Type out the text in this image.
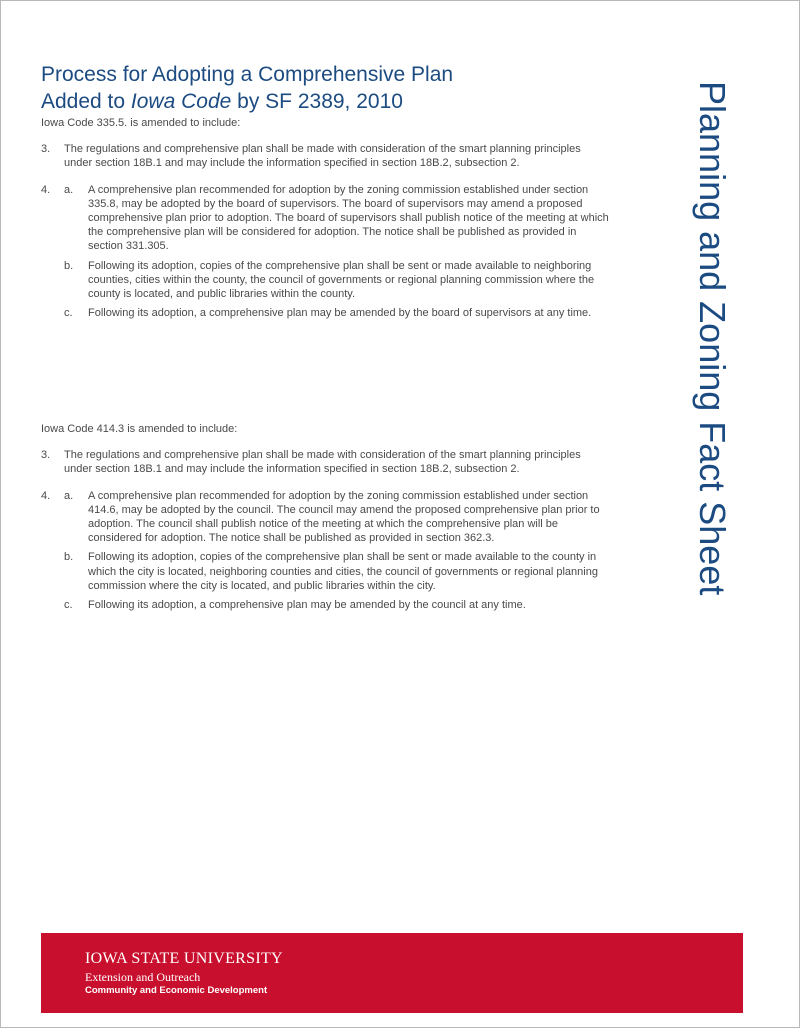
Process for Adopting a Comprehensive Plan
Added to Iowa Code by SF 2389, 2010	Planning and Zoning Fact Sheet

Iowa Code 335.5. is amended to include:

3. The regulations and comprehensive plan shall be made with consideration of the smart planning principles under section 18B.1 and may include the information specified in section 18B.2, subsection 2.
4. a. A comprehensive plan recommended for adoption by the zoning commission established under section 335.8, may be adopted by the board of supervisors. The board of supervisors may amend a proposed comprehensive plan prior to adoption. The board of supervisors shall publish notice of the meeting at which the comprehensive plan will be considered for adoption. The notice shall be published as provided in section 331.305.
b. Following its adoption, copies of the comprehensive plan shall be sent or made available to neighboring counties, cities within the county, the council of governments or regional planning commission where the county is located, and public libraries within the county.
c. Following its adoption, a comprehensive plan may be amended by the board of supervisors at any time.

Iowa Code 414.3 is amended to include:

3. The regulations and comprehensive plan shall be made with consideration of the smart planning principles under section 18B.1 and may include the information specified in section 18B.2, subsection 2.
4. a. A comprehensive plan recommended for adoption by the zoning commission established under section 414.6, may be adopted by the council. The council may amend the proposed comprehensive plan prior to adoption. The council shall publish notice of the meeting at which the comprehensive plan will be considered for adoption. The notice shall be published as provided in section 362.3.
b. Following its adoption, copies of the comprehensive plan shall be sent or made available to the county in which the city is located, neighboring counties and cities, the council of governments or regional planning commission where the city is located, and public libraries within the city.
c. Following its adoption, a comprehensive plan may be amended by the council at any time.
IOWA STATE UNIVERSITY
Extension and Outreach
Community and Economic Development
